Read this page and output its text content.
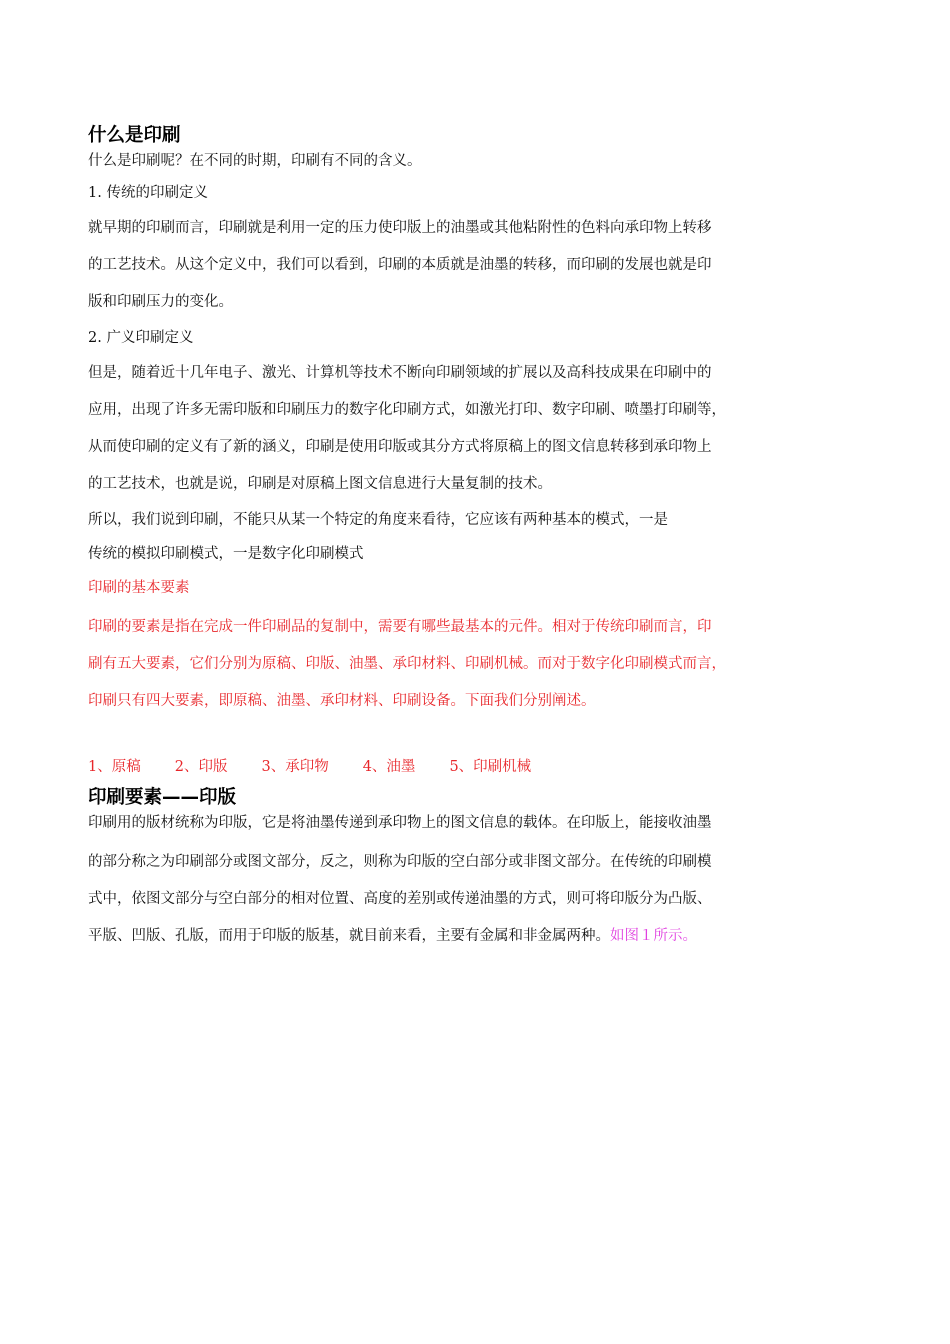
什么是印刷

什么是印刷呢？在不同的时期，印刷有不同的含义。

1. 传统的印刷定义

就早期的印刷而言，印刷就是利用一定的压力使印版上的油墨或其他粘附性的色料向承印物上转移

的工艺技术。从这个定义中，我们可以看到，印刷的本质就是油墨的转移，而印刷的发展也就是印

版和印刷压力的变化。

2. 广义印刷定义

但是，随着近十几年电子、激光、计算机等技术不断向印刷领域的扩展以及高科技成果在印刷中的

应用，出现了许多无需印版和印刷压力的数字化印刷方式，如激光打印、数字印刷、喷墨打印刷等，

从而使印刷的定义有了新的涵义，印刷是使用印版或其分方式将原稿上的图文信息转移到承印物上

的工艺技术，也就是说，印刷是对原稿上图文信息进行大量复制的技术。

所以，我们说到印刷，不能只从某一个特定的角度来看待，它应该有两种基本的模式，一是

传统的模拟印刷模式，一是数字化印刷模式

印刷的基本要素

印刷的要素是指在完成一件印刷品的复制中，需要有哪些最基本的元件。相对于传统印刷而言，印

刷有五大要素，它们分别为原稿、印版、油墨、承印材料、印刷机械。而对于数字化印刷模式而言，

印刷只有四大要素，即原稿、油墨、承印材料、印刷设备。下面我们分别阐述。

1、原稿 2、印版 3、承印物 4、油墨 5、印刷机械

印刷要素——印版

印刷用的版材统称为印版，它是将油墨传递到承印物上的图文信息的载体。在印版上，能接收油墨

的部分称之为印刷部分或图文部分，反之，则称为印版的空白部分或非图文部分。在传统的印刷模

式中，依图文部分与空白部分的相对位置、高度的差别或传递油墨的方式，则可将印版分为凸版、

平版、凹版、孔版，而用于印版的版基，就目前来看，主要有金属和非金属两种。如图１所示。
